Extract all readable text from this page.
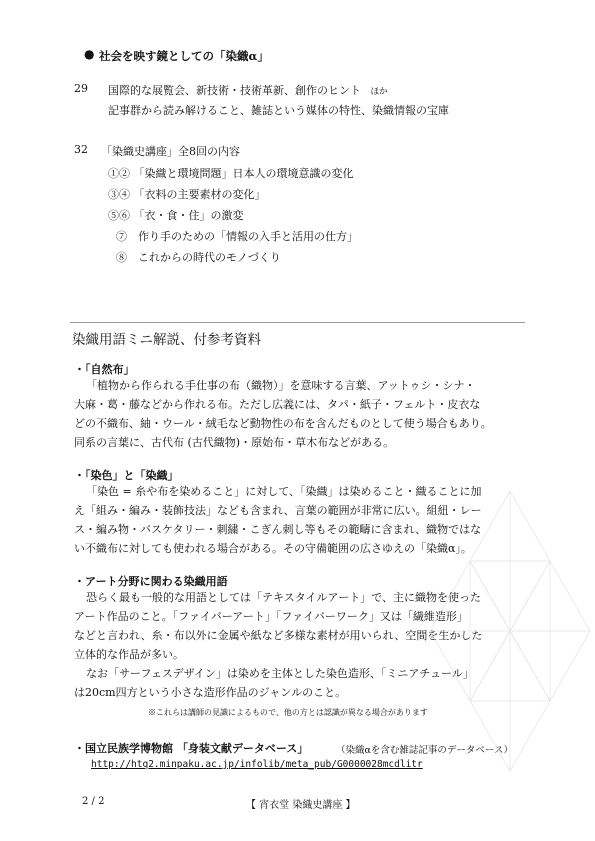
● 社会を映す鏡としての「染織α」
29 国際的な展覧会、新技術・技術革新、創作のヒント ほか
記事群から読み解けること、雑誌という媒体の特性、染織情報の宝庫
32 「染織史講座」全8回の内容
①② 「染織と環境問題」日本人の環境意識の変化
③④ 「衣料の主要素材の変化」
⑤⑥ 「衣・食・住」の激変
⑦　作り手のための「情報の入手と活用の仕方」
⑧　これからの時代のモノづくり
染織用語ミニ解説、付参考資料
・「自然布」
「植物から作られる手仕事の布（織物）」を意味する言葉、アットゥシ・シナ・
大麻・葛・藤などから作れる布。ただし広義には、タパ・紙子・フェルト・皮衣な
どの不織布、紬・ウール・絨毛など動物性の布を含んだものとして使う場合もあり。
同系の言葉に、古代布 (古代織物)・原始布・草木布などがある。
・「染色」と「染織」
「染色 = 糸や布を染めること」に対して、「染織」は染めること・織ることに加
え「組み・編み・装飾技法」なども含まれ、言葉の範囲が非常に広い。組紐・レー
ス・編み物・バスケタリー・刺繍・こぎん刺し等もその範疇に含まれ、織物ではな
い不織布に対しても使われる場合がある。その守備範囲の広さゆえの「染織α」。
・アート分野に関わる染織用語
恐らく最も一般的な用語としては「テキスタイルアート」で、主に織物を使った
アート作品のこと。「ファイバーアート」「ファイバーワーク」又は「繊維造形」
などと言われ、糸・布以外に金属や紙など多様な素材が用いられ、空間を生かした
立体的な作品が多い。
なお「サーフェスデザイン」は染めを主体とした染色造形、「ミニアチュール」
は20cm四方という小さな造形作品のジャンルのこと。
※これらは講師の見識によるもので、他の方とは認識が異なる場合があります
・国立民族学博物館 「身装文献データベース」	（染織αを含む雑誌記事のデータベース）
http://htq2.minpaku.ac.jp/infolib/meta_pub/G0000028mcdlitr
2 / 2	【 宵衣堂 染織史講座 】
